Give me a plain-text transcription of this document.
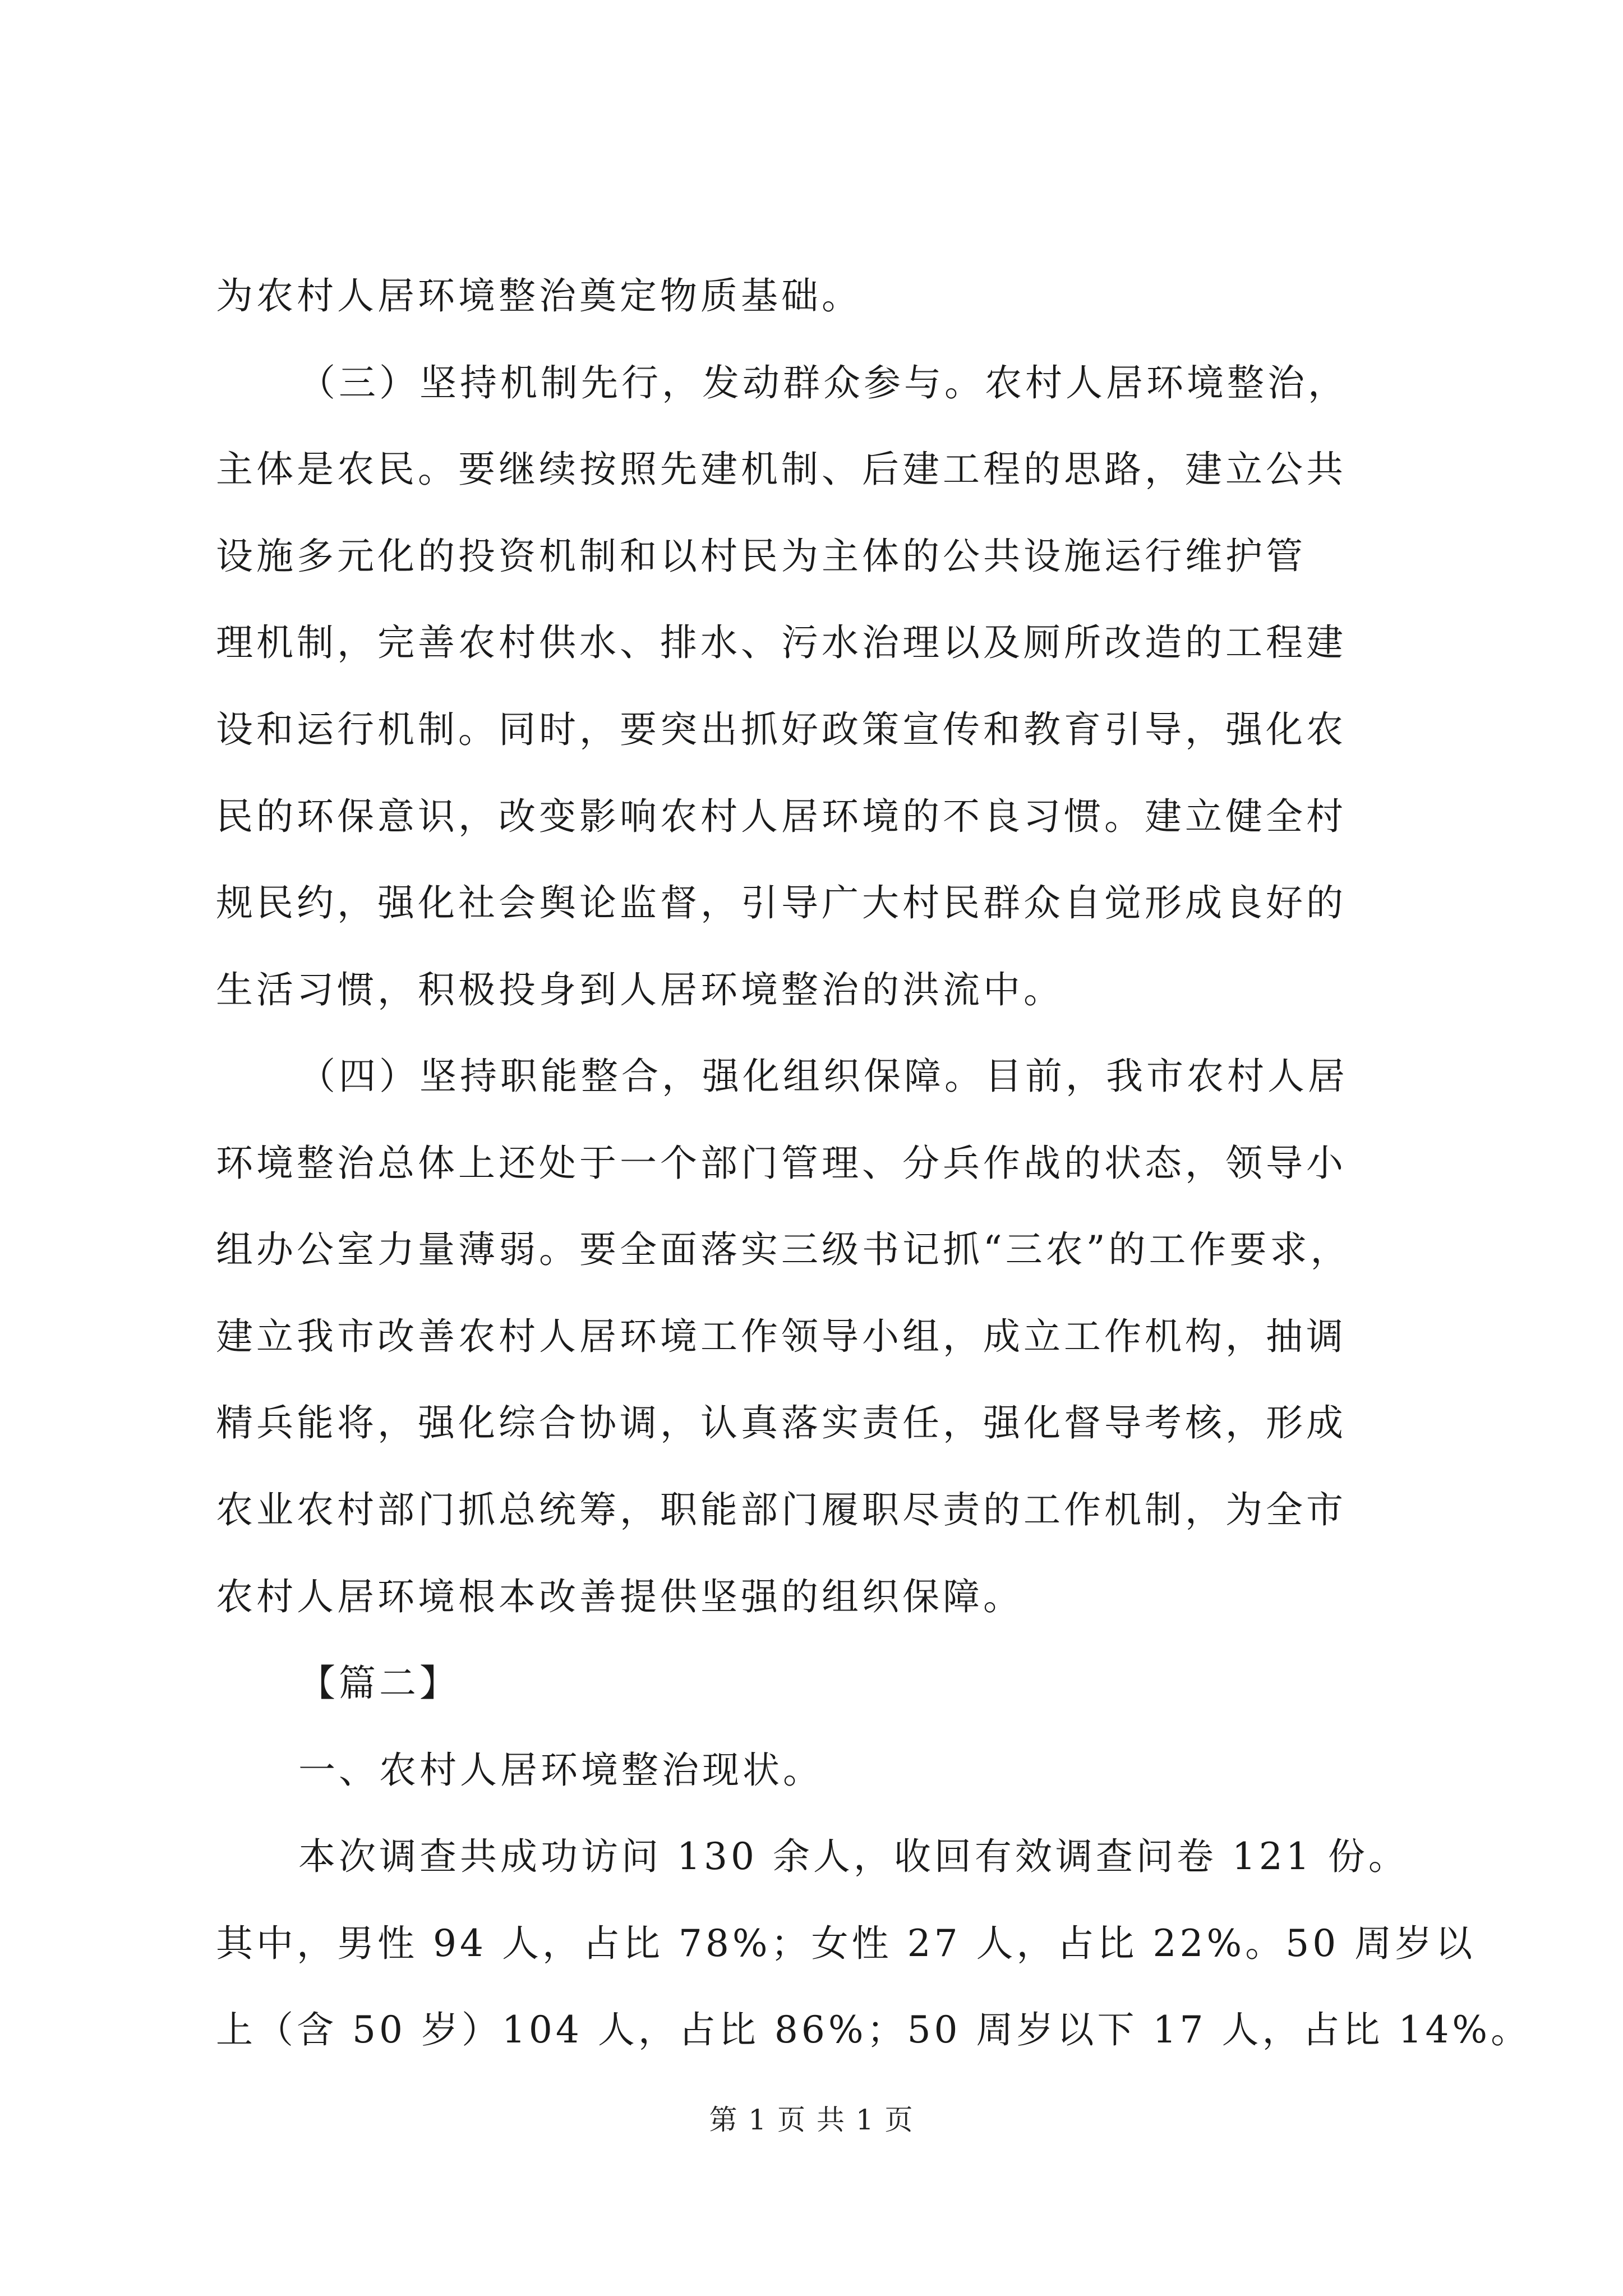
为农村人居环境整治奠定物质基础。

（三）坚持机制先行，发动群众参与。农村人居环境整治，

主体是农民。要继续按照先建机制、后建工程的思路，建立公共

设施多元化的投资机制和以村民为主体的公共设施运行维护管

理机制，完善农村供水、排水、污水治理以及厕所改造的工程建

设和运行机制。同时，要突出抓好政策宣传和教育引导，强化农

民的环保意识，改变影响农村人居环境的不良习惯。建立健全村

规民约，强化社会舆论监督，引导广大村民群众自觉形成良好的

生活习惯，积极投身到人居环境整治的洪流中。

（四）坚持职能整合，强化组织保障。目前，我市农村人居

环境整治总体上还处于一个部门管理、分兵作战的状态，领导小

组办公室力量薄弱。要全面落实三级书记抓“三农”的工作要求，

建立我市改善农村人居环境工作领导小组，成立工作机构，抽调

精兵能将，强化综合协调，认真落实责任，强化督导考核，形成

农业农村部门抓总统筹，职能部门履职尽责的工作机制，为全市

农村人居环境根本改善提供坚强的组织保障。

【篇二】

一、农村人居环境整治现状。

本次调查共成功访问 130 余人，收回有效调查问卷 121 份。

其中，男性 94 人，占比 78%；女性 27 人，占比 22%。50 周岁以

上（含 50 岁）104 人，占比 86%；50 周岁以下 17 人，占比 14%。

第 1 页 共 1 页
